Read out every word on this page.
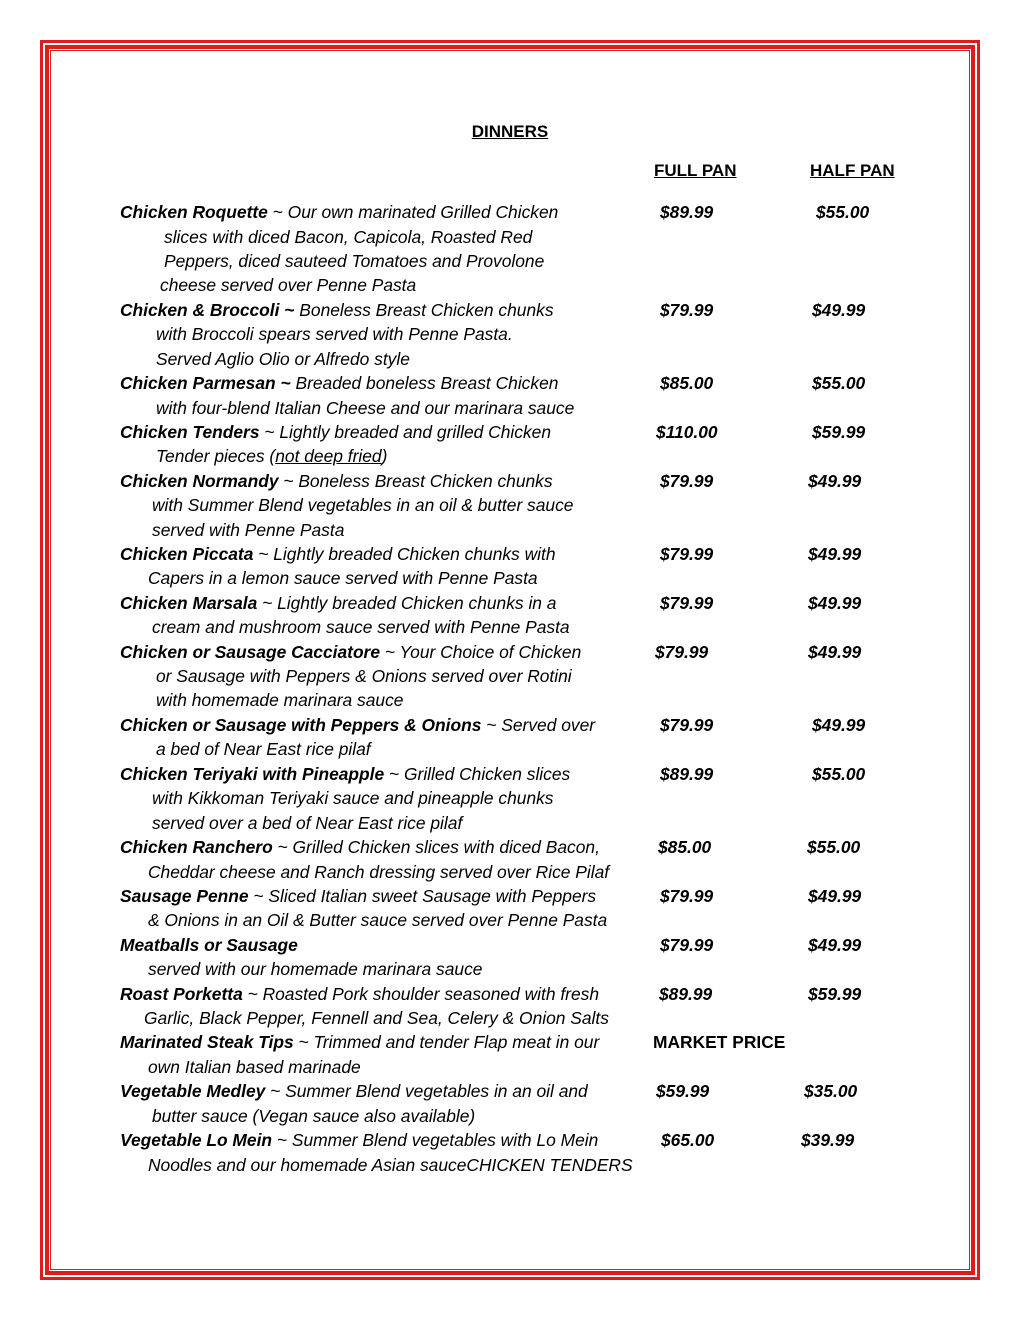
DINNERS
FULL PAN	HALF PAN
Chicken Roquette ~ Our own marinated Grilled Chicken
slices with diced Bacon, Capicola, Roasted Red
Peppers, diced sauteed Tomatoes and Provolone
cheese served over Penne Pasta
$89.99	$55.00
Chicken & Broccoli ~ Boneless Breast Chicken chunks
with Broccoli spears served with Penne Pasta.
Served Aglio Olio or Alfredo style
$79.99	$49.99
Chicken Parmesan ~ Breaded boneless Breast Chicken
with four-blend Italian Cheese and our marinara sauce
$85.00	$55.00
Chicken Tenders ~ Lightly breaded and grilled Chicken
Tender pieces (not deep fried)
$110.00	$59.99
Chicken Normandy ~ Boneless Breast Chicken chunks
with Summer Blend vegetables in an oil & butter sauce
served with Penne Pasta
$79.99	$49.99
Chicken Piccata ~ Lightly breaded Chicken chunks with
Capers in a lemon sauce served with Penne Pasta
$79.99	$49.99
Chicken Marsala ~ Lightly breaded Chicken chunks in a
cream and mushroom sauce served with Penne Pasta
$79.99	$49.99
Chicken or Sausage Cacciatore ~ Your Choice of Chicken
or Sausage with Peppers & Onions served over Rotini
with homemade marinara sauce
$79.99	$49.99
Chicken or Sausage with Peppers & Onions ~ Served over
a bed of Near East rice pilaf
$79.99	$49.99
Chicken Teriyaki with Pineapple ~ Grilled Chicken slices
with Kikkoman Teriyaki sauce and pineapple chunks
served over a bed of Near East rice pilaf
$89.99	$55.00
Chicken Ranchero ~ Grilled Chicken slices with diced Bacon,
Cheddar cheese and Ranch dressing served over Rice Pilaf
$85.00	$55.00
Sausage Penne ~ Sliced Italian sweet Sausage with Peppers
& Onions in an Oil & Butter sauce served over Penne Pasta
$79.99	$49.99
Meatballs or Sausage
served with our homemade marinara sauce
$79.99	$49.99
Roast Porketta ~ Roasted Pork shoulder seasoned with fresh
Garlic, Black Pepper, Fennell and Sea, Celery & Onion Salts
$89.99	$59.99
Marinated Steak Tips ~ Trimmed and tender Flap meat in our
own Italian based marinade
MARKET PRICE
Vegetable Medley ~ Summer Blend vegetables in an oil and
butter sauce (Vegan sauce also available)
$59.99	$35.00
Vegetable Lo Mein ~ Summer Blend vegetables with Lo Mein
Noodles and our homemade Asian sauceCHICKEN TENDERS
$65.00	$39.99
